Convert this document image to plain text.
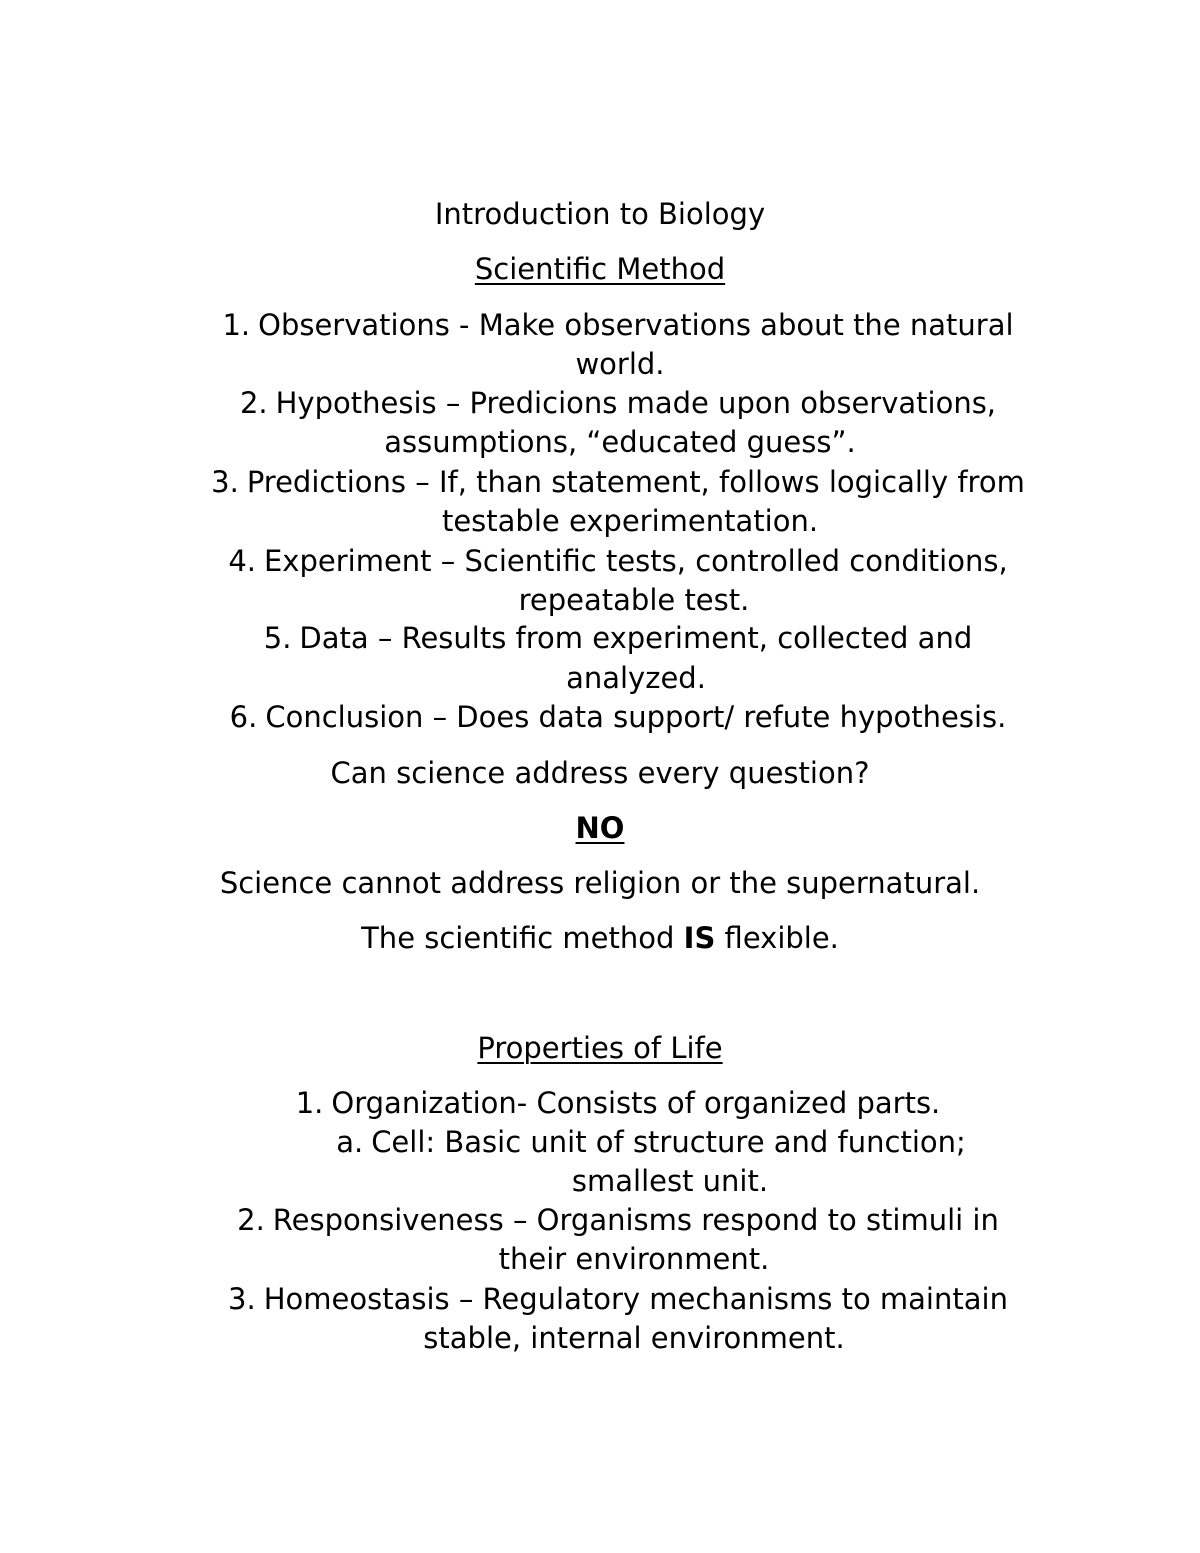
Introduction to Biology
Scientific Method
1. Observations - Make observations about the natural
world.
2. Hypothesis – Predicions made upon observations,
assumptions, “educated guess”.
3. Predictions – If, than statement, follows logically from
testable experimentation.
4. Experiment – Scientific tests, controlled conditions,
repeatable test.
5. Data – Results from experiment, collected and
analyzed.
6. Conclusion – Does data support/ refute hypothesis.
Can science address every question?
NO
Science cannot address religion or the supernatural.
The scientific method IS flexible.
Properties of Life
1. Organization- Consists of organized parts.
a. Cell: Basic unit of structure and function;
smallest unit.
2. Responsiveness – Organisms respond to stimuli in
their environment.
3. Homeostasis – Regulatory mechanisms to maintain
stable, internal environment.
